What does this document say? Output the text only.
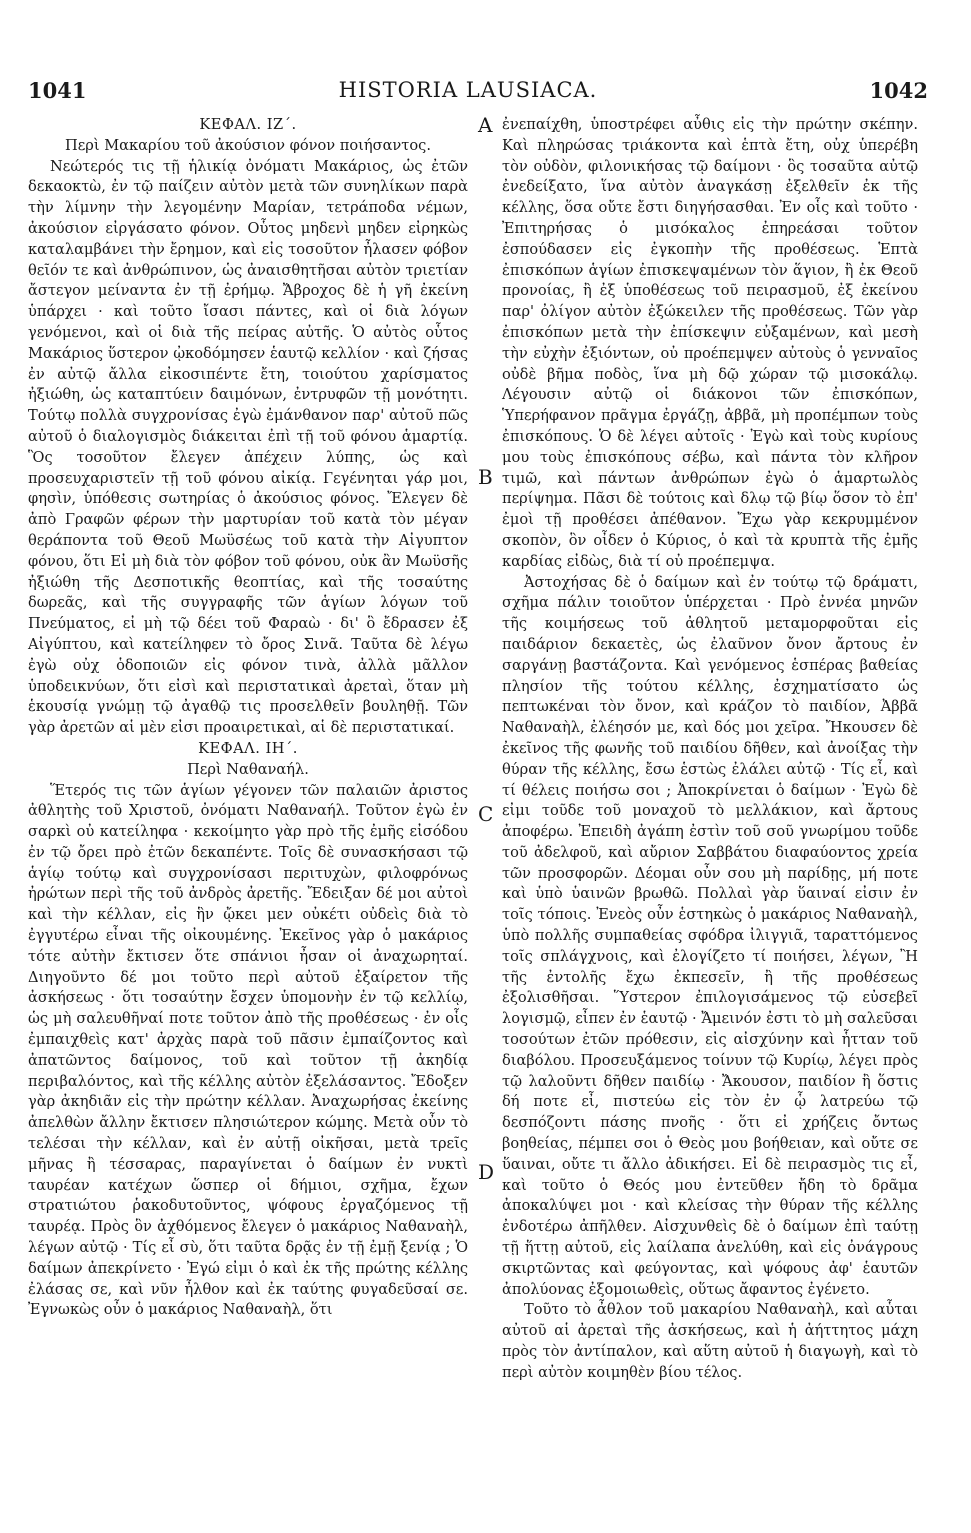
1041	HISTORIA LAUSIACA.	1042
A
B
C
D

ΚΕΦΑΛ. ΙΖ΄.

Περὶ Μακαρίου τοῦ ἀκούσιον φόνον ποιήσαντος.

Νεώτερός τις τῇ ἡλικίᾳ ὀνόματι Μακάριος, ὡς ἐτῶν δεκαοκτὼ, ἐν τῷ παίζειν αὐτὸν μετὰ τῶν συνηλίκων παρὰ τὴν λίμνην τὴν λεγομένην Μαρίαν, τετράποδα νέμων, ἀκούσιον εἰργάσατο φόνον. Οὗτος μηδενὶ μηδεν εἰρηκὼς καταλαμβάνει τὴν ἔρημον, καὶ εἰς τοσοῦτον ἦλασεν φόβον θεῖόν τε καὶ ἀνθρώπινον, ὡς ἀναισθητῆσαι αὐτὸν τριετίαν ἄστεγον μείναντα ἐν τῇ ἐρήμῳ. Ἄβροχος δὲ ἡ γῆ ἐκείνη ὑπάρχει · καὶ τοῦτο ἴσασι πάντες, καὶ οἱ διὰ λόγων γενόμενοι, καὶ οἱ διὰ τῆς πείρας αὐτῆς. Ὁ αὐτὸς οὗτος Μακάριος ὕστερον ᾠκοδόμησεν ἑαυτῷ κελλίον · καὶ ζήσας ἐν αὐτῷ ἄλλα εἰκοσιπέντε ἔτη, τοιούτου χαρίσματος ἠξιώθη, ὡς καταπτύειν δαιμόνων, ἐντρυφῶν τῇ μονότητι. Τούτῳ πολλὰ συγχρονίσας ἐγὼ ἐμάνθανον παρ' αὐτοῦ πῶς αὐτοῦ ὁ διαλογισμὸς διάκειται ἐπὶ τῇ τοῦ φόνου ἁμαρτίᾳ. Ὃς τοσοῦτον ἔλεγεν ἀπέχειν λύπης, ὡς καὶ προσευχαριστεῖν τῇ τοῦ φόνου αἰκίᾳ. Γεγένηται γάρ μοι, φησὶν, ὑπόθεσις σωτηρίας ὁ ἀκούσιος φόνος. Ἔλεγεν δὲ ἀπὸ Γραφῶν φέρων τὴν μαρτυρίαν τοῦ κατὰ τὸν μέγαν θεράποντα τοῦ Θεοῦ Μωϋσέως τοῦ κατὰ τὴν Αἰγυπτον φόνου, ὅτι Εἰ μὴ διὰ τὸν φόβον τοῦ φόνου, οὐκ ἂν Μωϋσῆς ἠξιώθη τῆς Δεσποτικῆς θεοπτίας, καὶ τῆς τοσαύτης δωρεᾶς, καὶ τῆς συγγραφῆς τῶν ἁγίων λόγων τοῦ Πνεύματος, εἰ μὴ τῷ δέει τοῦ Φαραὼ · δι' ὃ ἔδρασεν ἐξ Αἰγύπτου, καὶ κατείληφεν τὸ ὄρος Σινᾶ. Ταῦτα δὲ λέγω ἐγὼ οὐχ ὁδοποιῶν εἰς φόνον τινὰ, ἀλλὰ μᾶλλον ὑποδεικνύων, ὅτι εἰσὶ καὶ περιστατικαὶ ἀρεταὶ, ὅταν μὴ ἑκουσίᾳ γνώμῃ τῷ ἀγαθῷ τις προσελθεῖν βουληθῇ. Τῶν γὰρ ἀρετῶν αἱ μὲν εἰσι προαιρετικαὶ, αἱ δὲ περιστατικαί.

ΚΕΦΑΛ. ΙΗ΄.

Περὶ Ναθαναήλ.

Ἕτερός τις τῶν ἁγίων γέγονεν τῶν παλαιῶν ἀριστος ἀθλητὴς τοῦ Χριστοῦ, ὀνόματι Ναθαναήλ. Τοῦτον ἐγὼ ἐν σαρκὶ οὐ κατείληφα · κεκοίμητο γὰρ πρὸ τῆς ἐμῆς εἰσόδου ἐν τῷ ὄρει πρὸ ἐτῶν δεκαπέντε. Τοῖς δὲ συνασκήσασι τῷ ἁγίῳ τούτῳ καὶ συγχρονίσασι περιτυχὼν, φιλοφρόνως ἠρώτων περὶ τῆς τοῦ ἀνδρὸς ἀρετῆς. Ἔδειξαν δέ μοι αὐτοὶ καὶ τὴν κέλλαν, εἰς ἣν ᾤκει μεν οὐκέτι οὐδεὶς διὰ τὸ ἐγγυτέρω εἶναι τῆς οἰκουμένης. Ἐκεῖνος γὰρ ὁ μακάριος τότε αὐτὴν ἔκτισεν ὅτε σπάνιοι ἦσαν οἱ ἀναχωρηταί. Διηγοῦντο δέ μοι τοῦτο περὶ αὐτοῦ ἐξαίρετον τῆς ἀσκήσεως · ὅτι τοσαύτην ἔσχεν ὑπομονὴν ἐν τῷ κελλίῳ, ὡς μὴ σαλευθῆναί ποτε τοῦτον ἀπὸ τῆς προθέσεως · ἐν οἷς ἐμπαιχθεὶς κατ' ἀρχὰς παρὰ τοῦ πᾶσιν ἐμπαίζοντος καὶ ἀπατῶντος δαίμονος, τοῦ καὶ τοῦτον τῇ ἀκηδίᾳ περιβαλόντος, καὶ τῆς κέλλης αὐτὸν ἐξελάσαντος. Ἔδοξεν γὰρ ἀκηδιᾶν εἰς τὴν πρώτην κέλλαν. Ἀναχωρήσας ἐκείνης ἀπελθὼν ἄλλην ἔκτισεν πλησιώτερον κώμης. Μετὰ οὖν τὸ τελέσαι τὴν κέλλαν, καὶ ἐν αὐτῇ οἰκῆσαι, μετὰ τρεῖς μῆνας ἢ τέσσαρας, παραγίνεται ὁ δαίμων ἐν νυκτὶ ταυρέαν κατέχων ὥσπερ οἱ δήμιοι, σχῆμα, ἔχων στρατιώτου ῥακοδυτοῦντος, ψόφους ἐργαζόμενος τῇ ταυρέᾳ. Πρὸς ὃν ἀχθόμενος ἔλεγεν ὁ μακάριος Ναθαναὴλ, λέγων αὐτῷ · Τίς εἶ σὺ, ὅτι ταῦτα δρᾷς ἐν τῇ ἐμῇ ξενίᾳ ; Ὁ δαίμων ἀπεκρίνετο · Ἐγώ εἰμι ὁ καὶ ἐκ τῆς πρώτης κέλλης ἐλάσας σε, καὶ νῦν ἦλθον καὶ ἐκ ταύτης φυγαδεῦσαί σε. Ἐγνωκὼς οὖν ὁ μακάριος Ναθαναὴλ, ὅτι

ἐνεπαίχθη, ὑποστρέφει αὖθις εἰς τὴν πρώτην σκέπην. Καὶ πληρώσας τριάκοντα καὶ ἑπτὰ ἔτη, οὐχ ὑπερέβη τὸν οὐδὸν, φιλονικήσας τῷ δαίμονι · ὃς τοσαῦτα αὐτῷ ἐνεδείξατο, ἵνα αὐτὸν ἀναγκάσῃ ἐξελθεῖν ἐκ τῆς κέλλης, ὅσα οὔτε ἔστι διηγήσασθαι. Ἐν οἷς καὶ τοῦτο · Ἐπιτηρήσας ὁ μισόκαλος ἐπηρεάσαι τοῦτον ἐσπούδασεν εἰς ἐγκοπὴν τῆς προθέσεως. Ἑπτὰ ἐπισκόπων ἁγίων ἐπισκεψαμένων τὸν ἅγιον, ἢ ἐκ Θεοῦ προνοίας, ἢ ἐξ ὑποθέσεως τοῦ πειρασμοῦ, ἐξ ἐκείνου παρ' ὀλίγον αὐτὸν ἐξώκειλεν τῆς προθέσεως. Τῶν γὰρ ἐπισκόπων μετὰ τὴν ἐπίσκεψιν εὐξαμένων, καὶ μεσὴ τὴν εὐχὴν ἐξιόντων, οὐ προέπεμψεν αὐτοὺς ὁ γενναῖος οὐδὲ βῆμα ποδὸς, ἵνα μὴ δῷ χώραν τῷ μισοκάλῳ. Λέγουσιν αὐτῷ οἱ διάκονοι τῶν ἐπισκόπων, Ὑπερήφανον πρᾶγμα ἐργάζῃ, ἀββᾶ, μὴ προπέμπων τοὺς ἐπισκόπους. Ὁ δὲ λέγει αὐτοῖς · Ἐγὼ καὶ τοὺς κυρίους μου τοὺς ἐπισκόπους σέβω, καὶ πάντα τὸν κλῆρον τιμῶ, καὶ πάντων ἀνθρώπων ἐγὼ ὁ ἁμαρτωλὸς περίψημα. Πᾶσι δὲ τούτοις καὶ δλῳ τῷ βίῳ ὅσον τὸ ἐπ' ἐμοὶ τῇ προθέσει ἀπέθανον. Ἔχω γὰρ κεκρυμμένον σκοπὸν, ὃν οἶδεν ὁ Κύριος, ὁ καὶ τὰ κρυπτὰ τῆς ἐμῆς καρδίας εἰδὼς, διὰ τί οὐ προέπεμψα.

Ἀστοχήσας δὲ ὁ δαίμων καὶ ἐν τούτῳ τῷ δράματι, σχῆμα πάλιν τοιοῦτον ὑπέρχεται · Πρὸ ἐννέα μηνῶν τῆς κοιμήσεως τοῦ ἀθλητοῦ μεταμορφοῦται εἰς παιδάριον δεκαετὲς, ὡς ἐλαῦνον ὄνον ἄρτους ἐν σαργάνῃ βαστάζοντα. Καὶ γενόμενος ἑσπέρας βαθείας πλησίον τῆς τούτου κέλλης, ἐσχηματίσατο ὡς πεπτωκέναι τὸν ὄνον, καὶ κράζον τὸ παιδίον, Ἀββᾶ Ναθαναὴλ, ἐλέησόν με, καὶ δός μοι χεῖρα. Ἤκουσεν δὲ ἐκεῖνος τῆς φωνῆς τοῦ παιδίου δῆθεν, καὶ ἀνοίξας τὴν θύραν τῆς κέλλης, ἔσω ἑστὼς ἐλάλει αὐτῷ · Τίς εἶ, καὶ τί θέλεις ποιήσω σοι ; Ἀποκρίνεται ὁ δαίμων · Ἐγὼ δὲ εἰμι τοῦδε τοῦ μοναχοῦ τὸ μελλάκιον, καὶ ἄρτους ἀποφέρω. Ἐπειδὴ ἀγάπη ἐστὶν τοῦ σοῦ γνωρίμου τοῦδε τοῦ ἀδελφοῦ, καὶ αὔριον Σαββάτου διαφαύοντος χρεία τῶν προσφορῶν. Δέομαι οὖν σου μὴ παρίδῃς, μή ποτε καὶ ὑπὸ ὑαινῶν βρωθῶ. Πολλαὶ γὰρ ὕαιναί εἰσιν ἐν τοῖς τόποις. Ἐνεὸς οὖν ἑστηκὼς ὁ μακάριος Ναθαναὴλ, ὑπὸ πολλῆς συμπαθείας σφόδρα ἰλιγγιᾶ, ταραττόμενος τοῖς σπλάγχνοις, καὶ ἐλογίζετο τί ποιήσει, λέγων, Ἢ τῆς ἐντολῆς ἔχω ἐκπεσεῖν, ἢ τῆς προθέσεως ἐξολισθῆσαι. Ὕστερον ἐπιλογισάμενος τῷ εὐσεβεῖ λογισμῷ, εἶπεν ἐν ἑαυτῷ · Ἄμεινόν ἐστι τὸ μὴ σαλεῦσαι τοσούτων ἐτῶν πρόθεσιν, εἰς αἰσχύνην καὶ ἧτταν τοῦ διαβόλου. Προσευξάμενος τοίνυν τῷ Κυρίῳ, λέγει πρὸς τῷ λαλοῦντι δῆθεν παιδίῳ · Ἄκουσον, παιδίον ἢ ὅστις δή ποτε εἶ, πιστεύω εἰς τὸν ἐν ᾧ λατρεύω τῷ δεσπόζοντι πάσης πνοῆς · ὅτι εἰ χρήζεις ὄντως βοηθείας, πέμπει σοι ὁ Θεὸς μου βοήθειαν, καὶ οὔτε σε ὕαιναι, οὔτε τι ἄλλο ἀδικήσει. Εἰ δὲ πειρασμὸς τις εἶ, καὶ τοῦτο ὁ Θεός μου ἐντεῦθεν ἤδη τὸ δρᾶμα ἀποκαλύψει μοι · καὶ κλείσας τὴν θύραν τῆς κέλλης ἐνδοτέρω ἀπῆλθεν. Αἰσχυνθεὶς δὲ ὁ δαίμων ἐπὶ ταύτῃ τῇ ἥττῃ αὐτοῦ, εἰς λαίλαπα ἀνελύθη, καὶ εἰς ὀνάγρους σκιρτῶντας καὶ φεύγοντας, καὶ ψόφους ἀφ' ἑαυτῶν ἀπολύονας ἐξομοιωθεὶς, οὕτως ἄφαντος ἐγένετο.

Τοῦτο τὸ ἆθλον τοῦ μακαρίου Ναθαναὴλ, καὶ αὗται αὐτοῦ αἱ ἀρεταὶ τῆς ἀσκήσεως, καὶ ἡ ἀήττητος μάχη πρὸς τὸν ἀντίπαλον, καὶ αὕτη αὐτοῦ ἡ διαγωγὴ, καὶ τὸ περὶ αὐτὸν κοιμηθὲν βίου τέλος.
